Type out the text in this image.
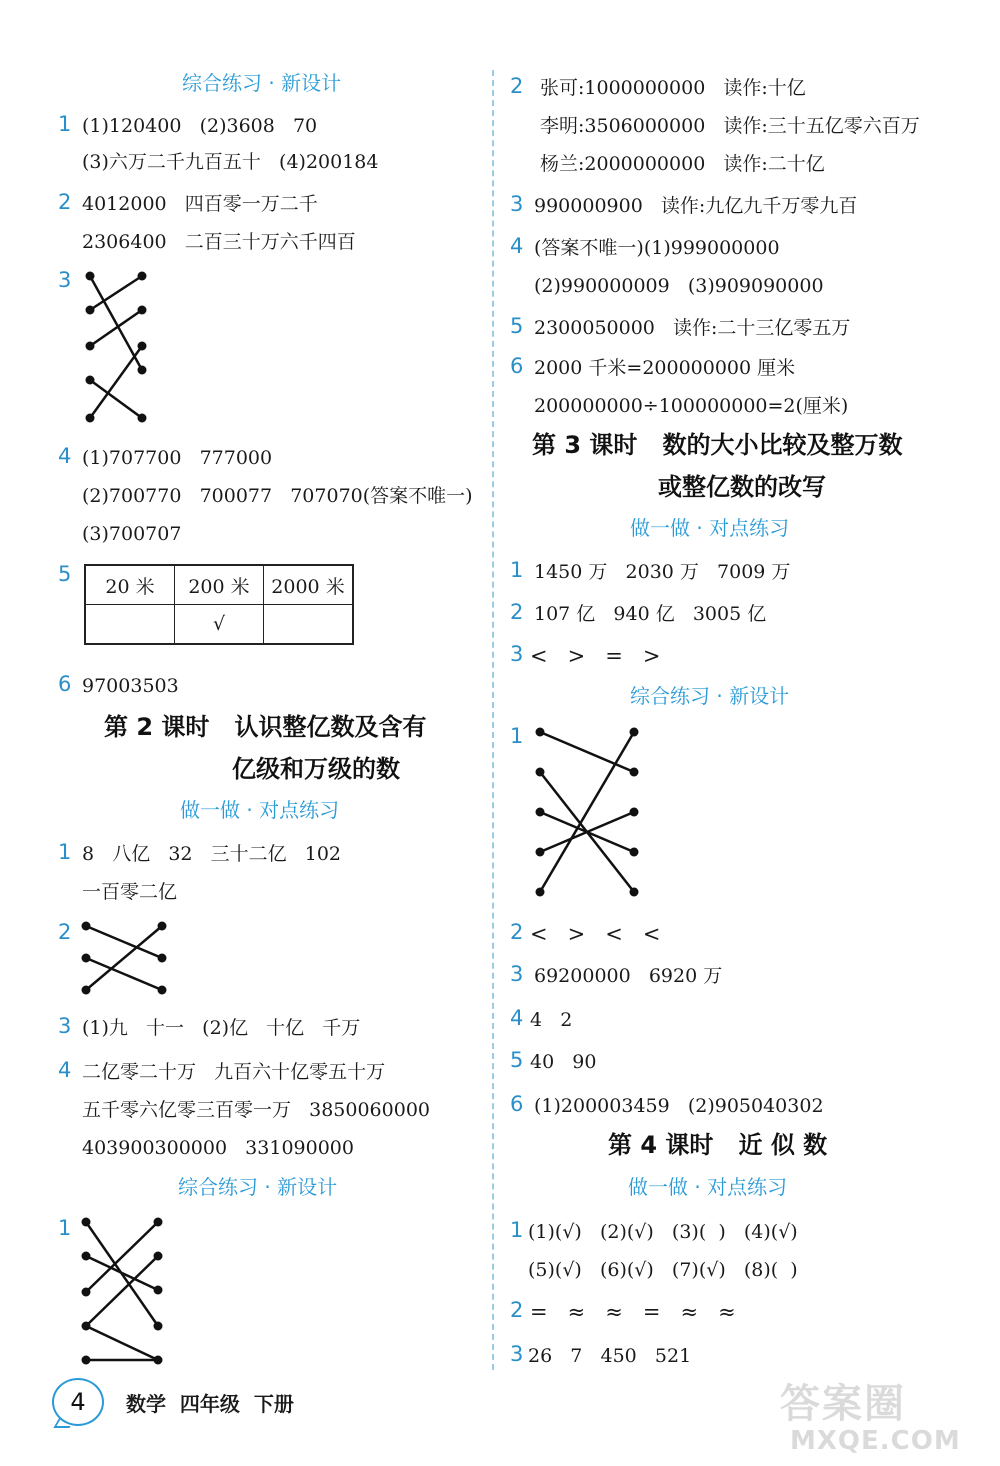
综合练习 · 新设计
1 (1)120400   (2)3608   70
(3)六万二千九百五十   (4)200184
2 4012000   四百零一万二千
2306400   二百三十万六千四百
3
4 (1)707700   777000
(2)700770   700077   707070(答案不唯一)
(3)700707
5
20 米	200 米	2000 米
	√	
6 97003503
第 2 课时   认识整亿数及含有
亿级和万级的数
做一做 · 对点练习
1 8   八亿   32   三十二亿   102
一百零二亿
2
3 (1)九   十一   (2)亿   十亿   千万
4 二亿零二十万   九百六十亿零五十万
五千零六亿零三百零一万   3850060000
403900300000   331090000
综合练习 · 新设计
1
2 张可:1000000000   读作:十亿
李明:3506000000   读作:三十五亿零六百万
杨兰:2000000000   读作:二十亿
3 990000900   读作:九亿九千万零九百
4 (答案不唯一)(1)999000000
(2)990000009   (3)909090000
5 2300050000   读作:二十三亿零五万
6 2000 千米=200000000 厘米
200000000÷100000000=2(厘米)
第 3 课时   数的大小比较及整万数
或整亿数的改写
做一做 · 对点练习
1 1450 万   2030 万   7009 万
2 107 亿   940 亿   3005 亿
3 <   >   =   >
综合练习 · 新设计
1
2 <   >   <   <
3 69200000   6920 万
4 4   2
5 40   90
6 (1)200003459   (2)905040302
第 4 课时   近 似 数
做一做 · 对点练习
1 (1)(√)   (2)(√)   (3)(  )   (4)(√)
(5)(√)   (6)(√)   (7)(√)   (8)(  )
2 =   ≈   ≈   =   ≈   ≈
3 26   7   450   521
4	数学  四年级  下册	答案圈
MXQE.COM
